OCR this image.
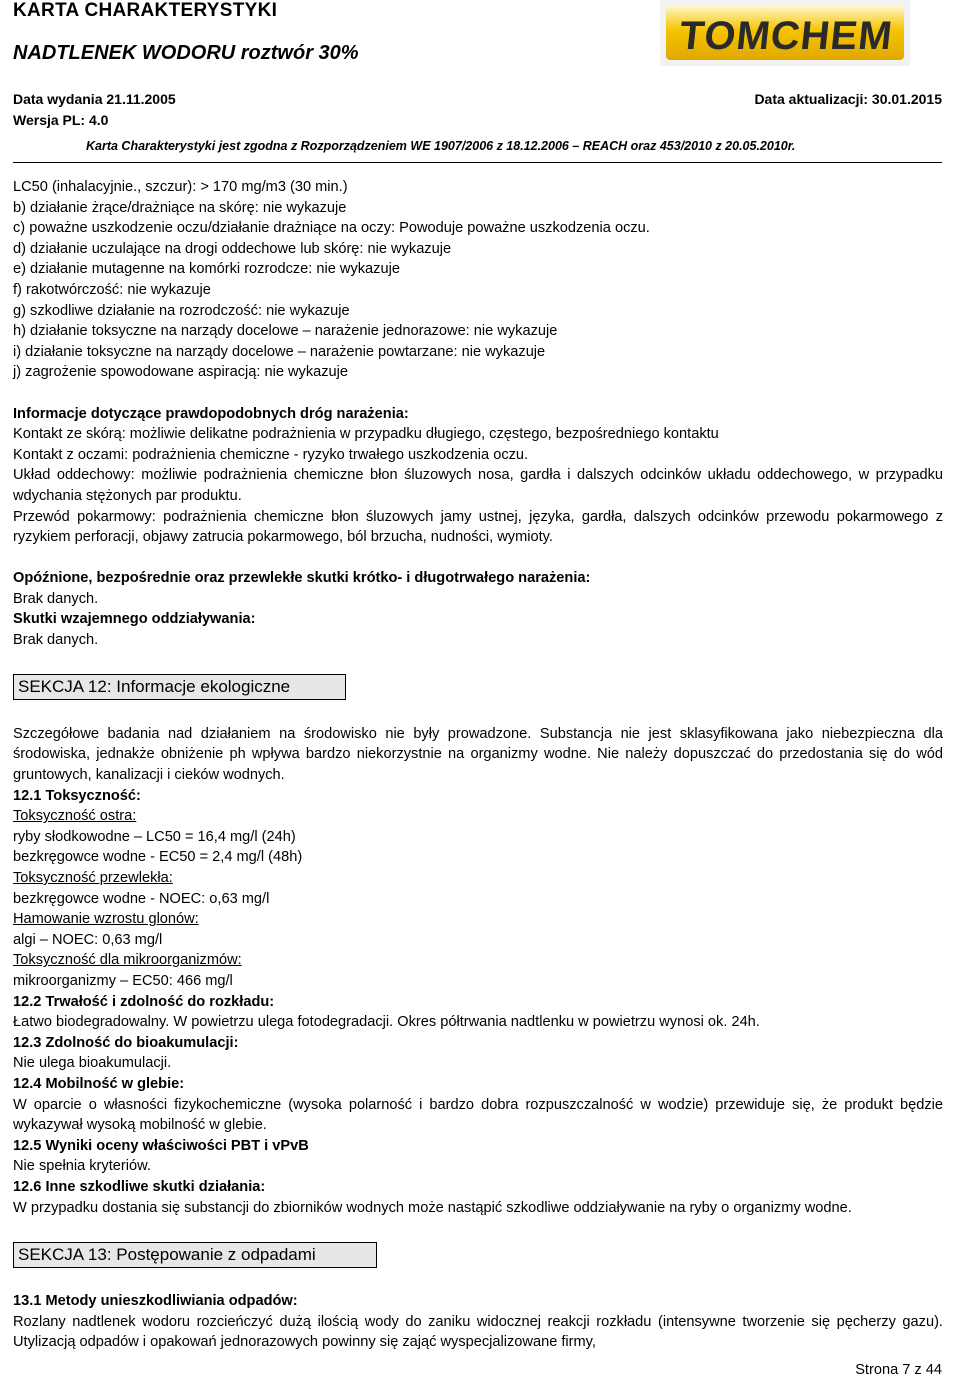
KARTA CHARAKTERYSTYKI
NADTLENEK WODORU roztwór 30%	TOMCHEM
Data wydania 21.11.2005	Data aktualizacji: 30.01.2015
Wersja PL: 4.0
Karta Charakterystyki jest zgodna z Rozporządzeniem WE 1907/2006 z 18.12.2006 – REACH oraz 453/2010 z 20.05.2010r.

LC50 (inhalacyjnie., szczur): > 170 mg/m3 (30 min.)

b) działanie żrące/drażniące na skórę: nie wykazuje

c) poważne uszkodzenie oczu/działanie drażniące na oczy: Powoduje poważne uszkodzenia oczu.

d) działanie uczulające na drogi oddechowe lub skórę: nie wykazuje

e) działanie mutagenne na komórki rozrodcze: nie wykazuje

f) rakotwórczość: nie wykazuje

g) szkodliwe działanie na rozrodczość: nie wykazuje

h) działanie toksyczne na narządy docelowe – narażenie jednorazowe: nie wykazuje

i) działanie toksyczne na narządy docelowe – narażenie powtarzane: nie wykazuje

j) zagrożenie spowodowane aspiracją: nie wykazuje

Informacje dotyczące prawdopodobnych dróg narażenia:

Kontakt ze skórą: możliwie delikatne podrażnienia w przypadku długiego, częstego, bezpośredniego kontaktu

Kontakt z oczami: podrażnienia chemiczne - ryzyko trwałego uszkodzenia oczu.

Układ oddechowy: możliwie podrażnienia chemiczne błon śluzowych nosa, gardła i dalszych odcinków układu oddechowego, w przypadku wdychania stężonych par produktu.

Przewód pokarmowy: podrażnienia chemiczne błon śluzowych jamy ustnej, języka, gardła, dalszych odcinków przewodu pokarmowego z ryzykiem perforacji, objawy zatrucia pokarmowego, ból brzucha, nudności, wymioty.

Opóźnione, bezpośrednie oraz przewlekłe skutki krótko- i długotrwałego narażenia:

Brak danych.

Skutki wzajemnego oddziaływania:

Brak danych.

SEKCJA 12: Informacje ekologiczne

Szczegółowe badania nad działaniem na środowisko nie były prowadzone. Substancja nie jest sklasyfikowana jako niebezpieczna dla środowiska, jednakże obniżenie ph wpływa bardzo niekorzystnie na organizmy wodne. Nie należy dopuszczać do przedostania się do wód gruntowych, kanalizacji i cieków wodnych.

12.1 Toksyczność:

Toksyczność ostra:

ryby słodkowodne – LC50 = 16,4 mg/l (24h)

bezkręgowce wodne - EC50 = 2,4 mg/l (48h)

Toksyczność przewlekła:

bezkręgowce wodne - NOEC: o,63 mg/l

Hamowanie wzrostu glonów:

algi – NOEC: 0,63 mg/l

Toksyczność dla mikroorganizmów:

mikroorganizmy – EC50: 466 mg/l

12.2 Trwałość i zdolność do rozkładu:

Łatwo biodegradowalny. W powietrzu ulega fotodegradacji. Okres półtrwania nadtlenku w powietrzu wynosi ok. 24h.

12.3 Zdolność do bioakumulacji:

Nie ulega bioakumulacji.

12.4 Mobilność w glebie:

W oparcie o własności fizykochemiczne (wysoka polarność i bardzo dobra rozpuszczalność w wodzie) przewiduje się, że produkt będzie wykazywał wysoką mobilność w glebie.

12.5 Wyniki oceny właściwości PBT i vPvB

Nie spełnia kryteriów.

12.6 Inne szkodliwe skutki działania:

W przypadku dostania się substancji do zbiorników wodnych może nastąpić szkodliwe oddziaływanie na ryby o organizmy wodne.

SEKCJA 13: Postępowanie z odpadami

13.1 Metody unieszkodliwiania odpadów:

Rozlany nadtlenek wodoru rozcieńczyć dużą ilością wody do zaniku widocznej reakcji rozkładu (intensywne tworzenie się pęcherzy gazu). Utylizacją odpadów i opakowań jednorazowych powinny się zająć wyspecjalizowane firmy,

Strona 7 z 44
